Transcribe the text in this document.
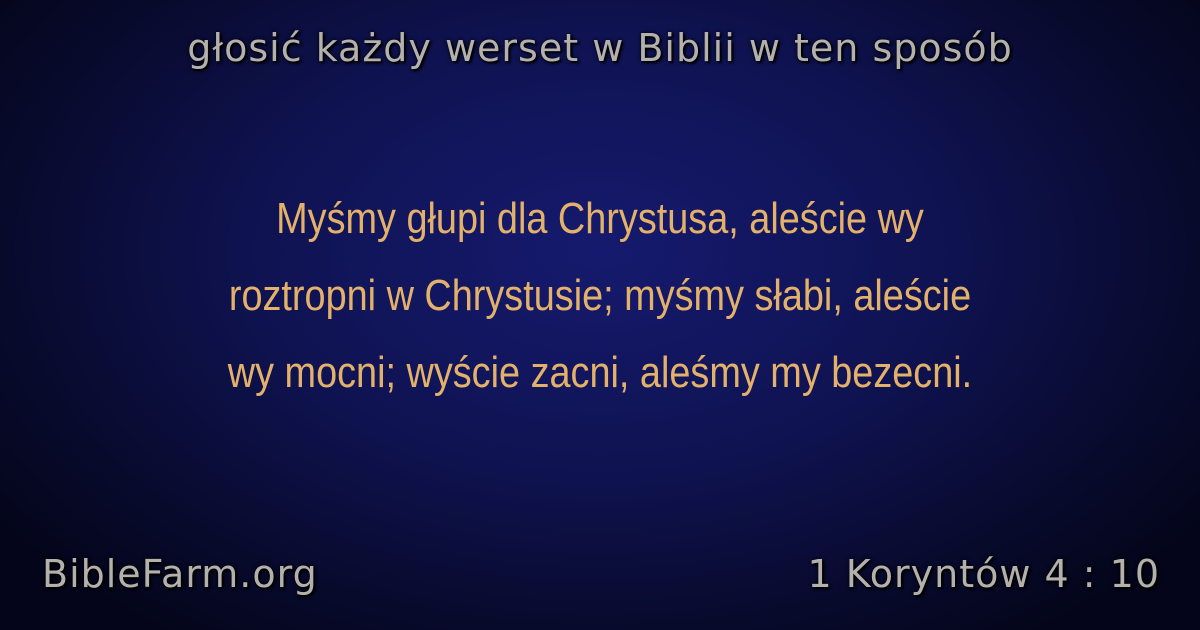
głosić każdy werset w Biblii w ten sposób
Myśmy głupi dla Chrystusa, aleście wy
roztropni w Chrystusie; myśmy słabi, aleście
wy mocni; wyście zacni, aleśmy my bezecni.
BibleFarm.org	1 Koryntów 4 : 10
